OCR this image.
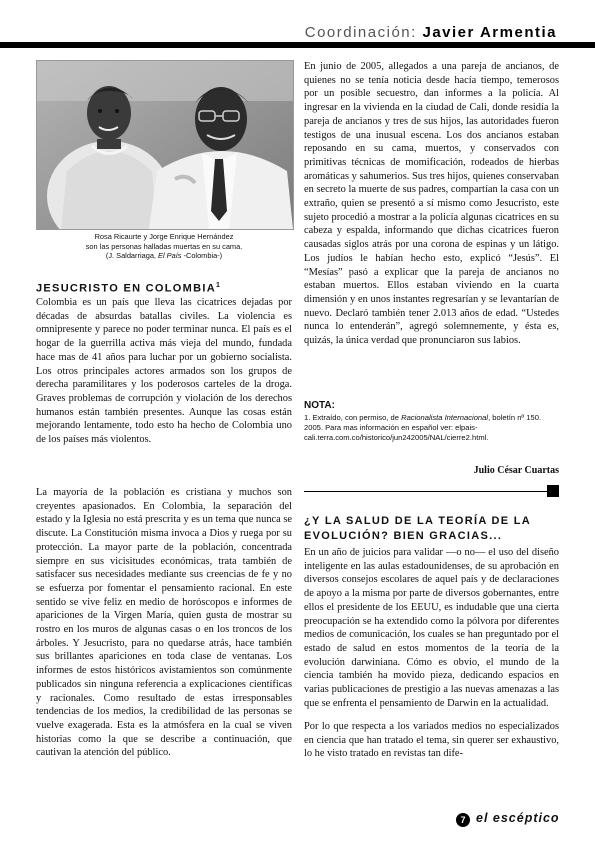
Coordinación: Javier Armentia
Rosa Ricaurte y Jorge Enrique Hernández
son las personas halladas muertas en su cama.
(J. Saldarriaga, El País -Colombia-)
JESUCRISTO EN COLOMBIA$^1$

Colombia es un país que lleva las cicatrices dejadas por décadas de absurdas batallas civiles. La violencia es omnipresente y parece no poder terminar nunca. El país es el hogar de la guerrilla activa más vieja del mundo, fundada hace mas de 41 años para luchar por un gobierno socialista. Los otros principales actores armados son los grupos de derecha paramilitares y los poderosos carteles de la droga. Graves problemas de corrupción y violación de los derechos humanos están también presentes. Aunque las cosas están mejorando lentamente, todo esto ha hecho de Colombia uno de los países más violentos.

La mayoría de la población es cristiana y muchos son creyentes apasionados. En Colombia, la separación del estado y la Iglesia no está prescrita y es un tema que nunca se discute. La Constitución misma invoca a Dios y ruega por su protección. La mayor parte de la población, concentrada siempre en sus vicisitudes económicas, trata también de satisfacer sus necesidades mediante sus creencias de fe y no se esfuerza por fomentar el pensamiento racional. En este sentido se vive feliz en medio de horóscopos e informes de apariciones de la Virgen María, quien gusta de mostrar su rostro en los muros de algunas casas o en los troncos de los árboles. Y Jesucristo, para no quedarse atrás, hace también sus brillantes apariciones en toda clase de ventanas. Los informes de estos históricos avistamientos son comúnmente publicados sin ninguna referencia a explicaciones científicas y racionales. Como resultado de estas irresponsables tendencias de los medios, la credibilidad de las personas se vuelve exagerada. Esta es la atmósfera en la cual se viven historias como la que se describe a continuación, que cautivan la atención del público.

En junio de 2005, allegados a una pareja de ancianos, de quienes no se tenía noticia desde hacía tiempo, temerosos por un posible secuestro, dan informes a la policía. Al ingresar en la vivienda en la ciudad de Cali, donde residía la pareja de ancianos y tres de sus hijos, las autoridades fueron testigos de una inusual escena. Los dos ancianos estaban reposando en su cama, muertos, y conservados con primitivas técnicas de momificación, rodeados de hierbas aromáticas y sahumerios. Sus tres hijos, quienes conservaban en secreto la muerte de sus padres, compartían la casa con un extraño, quien se presentó a sí mismo como Jesucristo, este sujeto procedió a mostrar a la policía algunas cicatrices en su cabeza y espalda, informando que dichas cicatrices fueron causadas siglos atrás por una corona de espinas y un látigo. Los judíos le habían hecho esto, explicó “Jesús”. El “Mesías” pasó a explicar que la pareja de ancianos no estaban muertos. Ellos estaban viviendo en la cuarta dimensión y en unos instantes regresarían y se levantarían de nuevo. Declaró también tener 2.013 años de edad. “Ustedes nunca lo entenderán”, agregó solemnemente, y ésta es, quizás, la única verdad que pronunciaron sus labios.

NOTA:
1. Extraído, con permiso, de Racionalista Internacional, boletín nº 150. 2005. Para mas información en español ver: elpais-cali.terra.com.co/historico/jun242005/NAL/cierre2.html.
Julio César Cuartas
¿Y LA SALUD DE LA TEORÍA DE LA EVOLUCIÓN? BIEN GRACIAS...

En un año de juicios para validar —o no— el uso del diseño inteligente en las aulas estadounidenses, de su aprobación en diversos consejos escolares de aquel país y de declaraciones de apoyo a la misma por parte de diversos gobernantes, entre ellos el presidente de los EEUU, es indudable que una cierta preocupación se ha extendido como la pólvora por diferentes medios de comunicación, los cuales se han preguntado por el estado de salud en estos momentos de la teoría de la evolución darwiniana. Cómo es obvio, el mundo de la ciencia también ha movido pieza, dedicando espacios en varias publicaciones de prestigio a las nuevas amenazas a las que se enfrenta el pensamiento de Darwin en la actualidad.

Por lo que respecta a los variados medios no especializados en ciencia que han tratado el tema, sin querer ser exhaustivo, lo he visto tratado en revistas tan dife-

7 el escéptico
